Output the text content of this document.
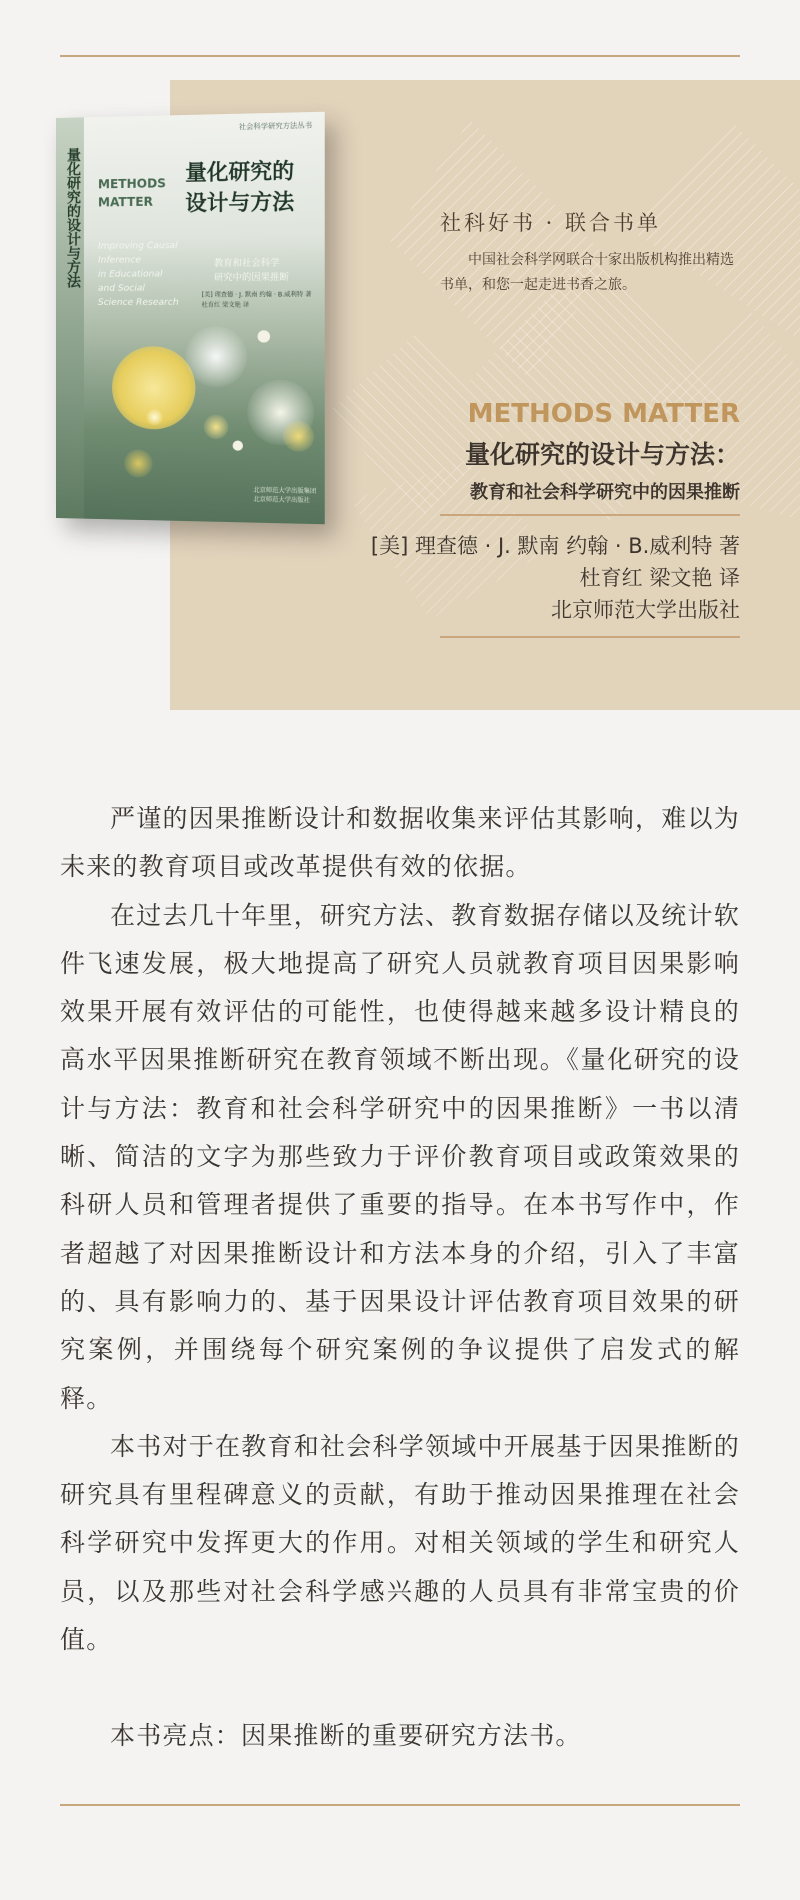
量化研究的设计与方法
社会科学研究方法丛书
METHODS
MATTER
Improving Causal
Inference
in Educational
and Social
Science Research
量化研究的
设计与方法
教育和社会科学
研究中的因果推断
[美] 理查德 · J. 默南 约翰 · B.威利特 著
杜育红 梁文艳 译
北京师范大学出版集团
北京师范大学出版社
社科好书 · 联合书单
中国社会科学网联合十家出版机构推出精选书单，和您一起走进书香之旅。
METHODS MATTER
量化研究的设计与方法：
教育和社会科学研究中的因果推断
[美] 理查德 · J. 默南 约翰 · B.威利特 著
杜育红 梁文艳 译
北京师范大学出版社

严谨的因果推断设计和数据收集来评估其影响，难以为未来的教育项目或改革提供有效的依据。

在过去几十年里，研究方法、教育数据存储以及统计软件飞速发展，极大地提高了研究人员就教育项目因果影响效果开展有效评估的可能性，也使得越来越多设计精良的高水平因果推断研究在教育领域不断出现。《量化研究的设计与方法：教育和社会科学研究中的因果推断》一书以清晰、简洁的文字为那些致力于评价教育项目或政策效果的科研人员和管理者提供了重要的指导。在本书写作中，作者超越了对因果推断设计和方法本身的介绍，引入了丰富的、具有影响力的、基于因果设计评估教育项目效果的研究案例，并围绕每个研究案例的争议提供了启发式的解释。

本书对于在教育和社会科学领域中开展基于因果推断的研究具有里程碑意义的贡献，有助于推动因果推理在社会科学研究中发挥更大的作用。对相关领域的学生和研究人员，以及那些对社会科学感兴趣的人员具有非常宝贵的价值。

本书亮点：因果推断的重要研究方法书。
